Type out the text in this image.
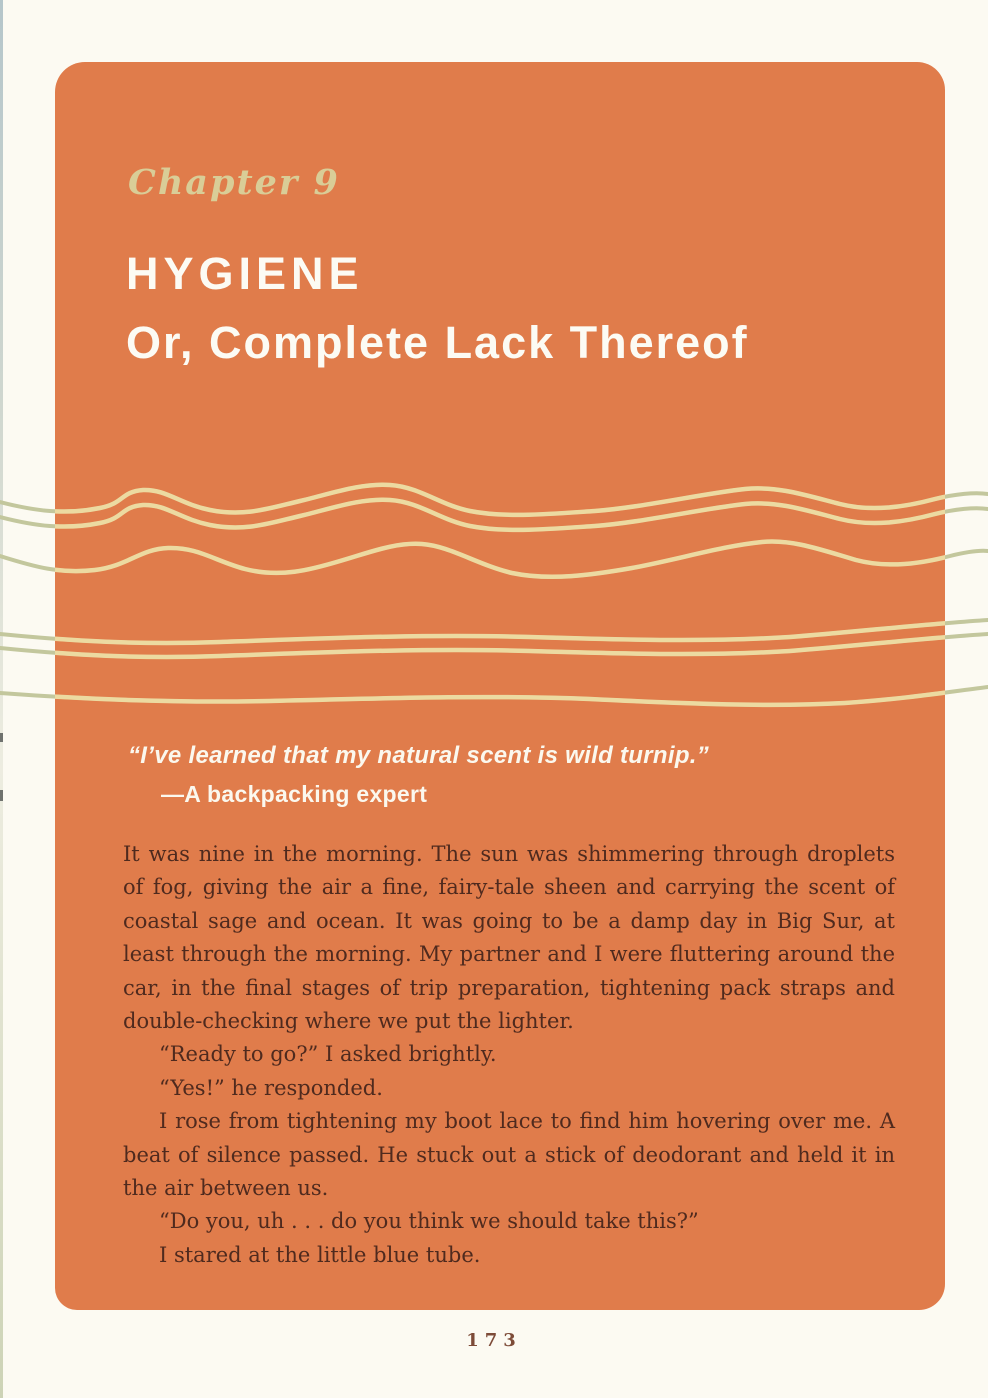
Chapter 9
HYGIENE
Or, Complete Lack Thereof
“I’ve learned that my natural scent is wild turnip.”
—A backpacking expert

It was nine in the morning. The sun was shimmering through droplets of fog, giving the air a fine, fairy-tale sheen and carrying the scent of coastal sage and ocean. It was going to be a damp day in Big Sur, at least through the morning. My partner and I were fluttering around the car, in the final stages of trip preparation, tightening pack straps and double-checking where we put the lighter.

“Ready to go?” I asked brightly.

“Yes!” he responded.

I rose from tightening my boot lace to find him hovering over me. A beat of silence passed. He stuck out a stick of deodorant and held it in the air between us.

“Do you, uh . . . do you think we should take this?”

I stared at the little blue tube.

173
